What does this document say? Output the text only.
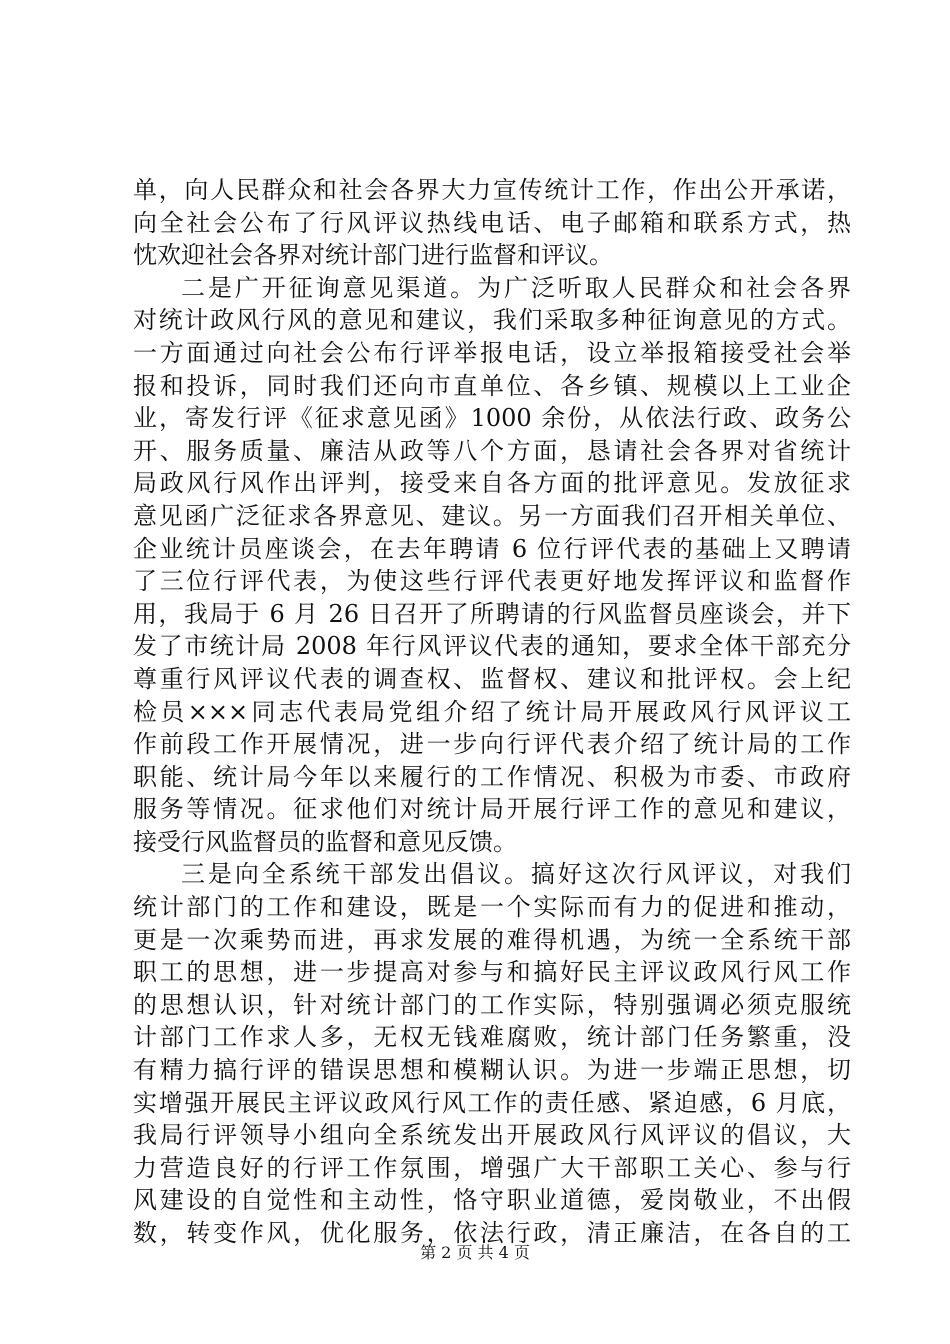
单，向人民群众和社会各界大力宣传统计工作，作出公开承诺，
向全社会公布了行风评议热线电话、电子邮箱和联系方式，热
忱欢迎社会各界对统计部门进行监督和评议。
二是广开征询意见渠道。为广泛听取人民群众和社会各界
对统计政风行风的意见和建议，我们采取多种征询意见的方式。
一方面通过向社会公布行评举报电话，设立举报箱接受社会举
报和投诉，同时我们还向市直单位、各乡镇、规模以上工业企
业，寄发行评《征求意见函》1000 余份，从依法行政、政务公
开、服务质量、廉洁从政等八个方面，恳请社会各界对省统计
局政风行风作出评判，接受来自各方面的批评意见。发放征求
意见函广泛征求各界意见、建议。另一方面我们召开相关单位、
企业统计员座谈会，在去年聘请 6 位行评代表的基础上又聘请
了三位行评代表，为使这些行评代表更好地发挥评议和监督作
用，我局于 6 月 26 日召开了所聘请的行风监督员座谈会，并下
发了市统计局 2008 年行风评议代表的通知，要求全体干部充分
尊重行风评议代表的调查权、监督权、建议和批评权。会上纪
检员×××同志代表局党组介绍了统计局开展政风行风评议工
作前段工作开展情况，进一步向行评代表介绍了统计局的工作
职能、统计局今年以来履行的工作情况、积极为市委、市政府
服务等情况。征求他们对统计局开展行评工作的意见和建议，
接受行风监督员的监督和意见反馈。
三是向全系统干部发出倡议。搞好这次行风评议，对我们
统计部门的工作和建设，既是一个实际而有力的促进和推动，
更是一次乘势而进，再求发展的难得机遇，为统一全系统干部
职工的思想，进一步提高对参与和搞好民主评议政风行风工作
的思想认识，针对统计部门的工作实际，特别强调必须克服统
计部门工作求人多，无权无钱难腐败，统计部门任务繁重，没
有精力搞行评的错误思想和模糊认识。为进一步端正思想，切
实增强开展民主评议政风行风工作的责任感、紧迫感，6 月底，
我局行评领导小组向全系统发出开展政风行风评议的倡议，大
力营造良好的行评工作氛围，增强广大干部职工关心、参与行
风建设的自觉性和主动性，恪守职业道德，爱岗敬业，不出假
数，转变作风，优化服务，依法行政，清正廉洁，在各自的工
第 2 页 共 4 页
